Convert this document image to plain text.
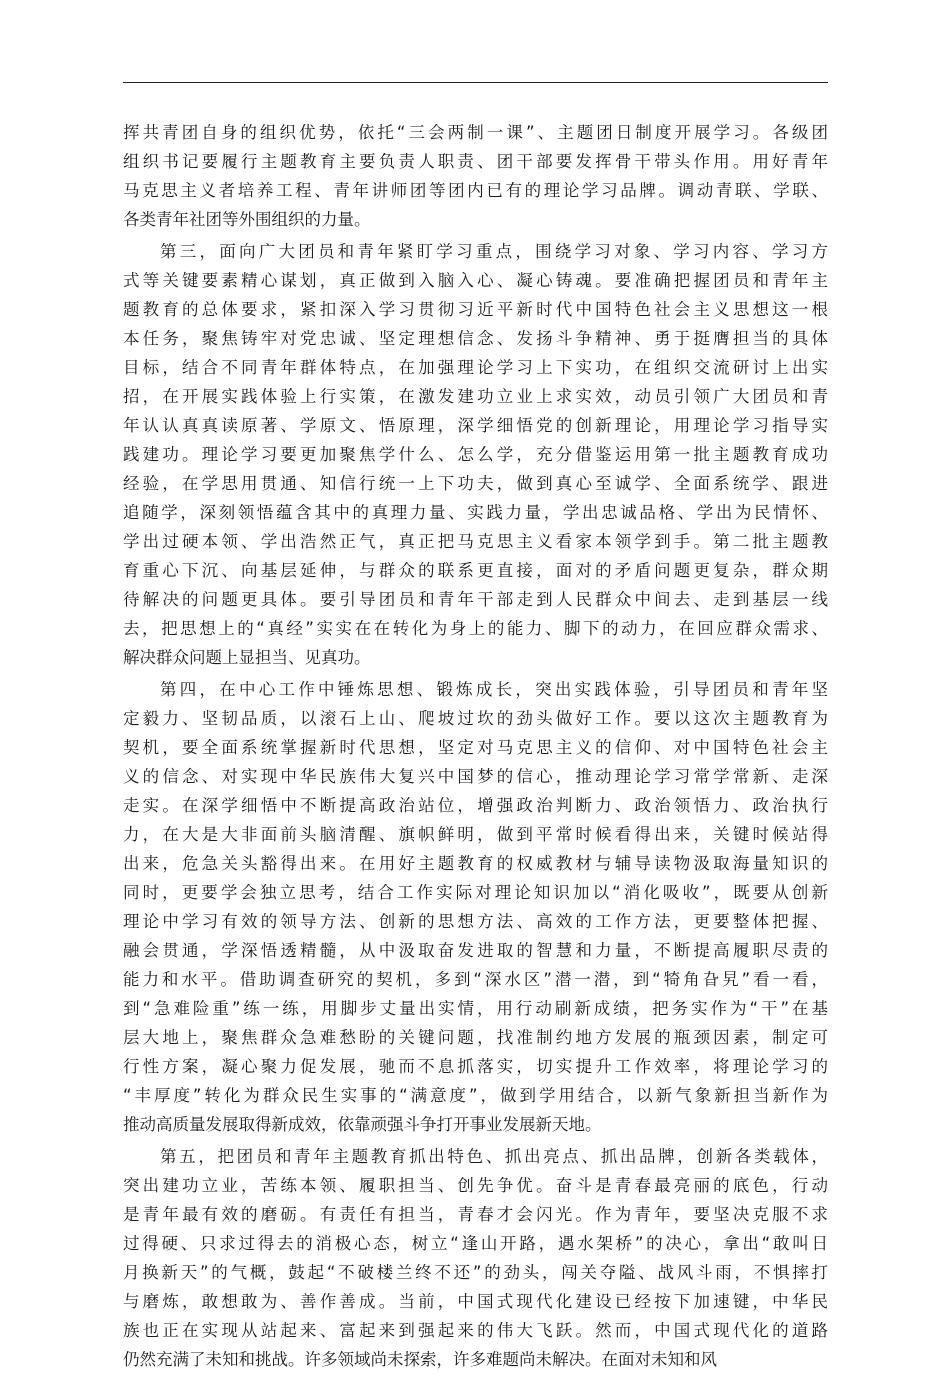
挥共青团自身的组织优势，依托“三会两制一课”、主题团日制度开展学习。各级团
组织书记要履行主题教育主要负责人职责、团干部要发挥骨干带头作用。用好青年
马克思主义者培养工程、青年讲师团等团内已有的理论学习品牌。调动青联、学联、
各类青年社团等外围组织的力量。
第三，面向广大团员和青年紧盯学习重点，围绕学习对象、学习内容、学习方
式等关键要素精心谋划，真正做到入脑入心、凝心铸魂。要准确把握团员和青年主
题教育的总体要求，紧扣深入学习贯彻习近平新时代中国特色社会主义思想这一根
本任务，聚焦铸牢对党忠诚、坚定理想信念、发扬斗争精神、勇于挺膺担当的具体
目标，结合不同青年群体特点，在加强理论学习上下实功，在组织交流研讨上出实
招，在开展实践体验上行实策，在激发建功立业上求实效，动员引领广大团员和青
年认认真真读原著、学原文、悟原理，深学细悟党的创新理论，用理论学习指导实
践建功。理论学习要更加聚焦学什么、怎么学，充分借鉴运用第一批主题教育成功
经验，在学思用贯通、知信行统一上下功夫，做到真心至诚学、全面系统学、跟进
追随学，深刻领悟蕴含其中的真理力量、实践力量，学出忠诚品格、学出为民情怀、
学出过硬本领、学出浩然正气，真正把马克思主义看家本领学到手。第二批主题教
育重心下沉、向基层延伸，与群众的联系更直接，面对的矛盾问题更复杂，群众期
待解决的问题更具体。要引导团员和青年干部走到人民群众中间去、走到基层一线
去，把思想上的“真经”实实在在转化为身上的能力、脚下的动力，在回应群众需求、
解决群众问题上显担当、见真功。
第四，在中心工作中锤炼思想、锻炼成长，突出实践体验，引导团员和青年坚
定毅力、坚韧品质，以滚石上山、爬坡过坎的劲头做好工作。要以这次主题教育为
契机，要全面系统掌握新时代思想，坚定对马克思主义的信仰、对中国特色社会主
义的信念、对实现中华民族伟大复兴中国梦的信心，推动理论学习常学常新、走深
走实。在深学细悟中不断提高政治站位，增强政治判断力、政治领悟力、政治执行
力，在大是大非面前头脑清醒、旗帜鲜明，做到平常时候看得出来，关键时候站得
出来，危急关头豁得出来。在用好主题教育的权威教材与辅导读物汲取海量知识的
同时，更要学会独立思考，结合工作实际对理论知识加以“消化吸收”，既要从创新
理论中学习有效的领导方法、创新的思想方法、高效的工作方法，更要整体把握、
融会贯通，学深悟透精髓，从中汲取奋发进取的智慧和力量，不断提高履职尽责的
能力和水平。借助调查研究的契机，多到“深水区”潜一潜，到“犄角旮旯”看一看，
到“急难险重”练一练，用脚步丈量出实情，用行动刷新成绩，把务实作为“干”在基
层大地上，聚焦群众急难愁盼的关键问题，找准制约地方发展的瓶颈因素，制定可
行性方案，凝心聚力促发展，驰而不息抓落实，切实提升工作效率，将理论学习的
“丰厚度”转化为群众民生实事的“满意度”，做到学用结合，以新气象新担当新作为
推动高质量发展取得新成效，依靠顽强斗争打开事业发展新天地。
第五，把团员和青年主题教育抓出特色、抓出亮点、抓出品牌，创新各类载体，
突出建功立业，苦练本领、履职担当、创先争优。奋斗是青春最亮丽的底色，行动
是青年最有效的磨砺。有责任有担当，青春才会闪光。作为青年，要坚决克服不求
过得硬、只求过得去的消极心态，树立“逢山开路，遇水架桥”的决心，拿出“敢叫日
月换新天”的气概，鼓起“不破楼兰终不还”的劲头，闯关夺隘、战风斗雨，不惧摔打
与磨炼，敢想敢为、善作善成。当前，中国式现代化建设已经按下加速键，中华民
族也正在实现从站起来、富起来到强起来的伟大飞跃。然而，中国式现代化的道路
仍然充满了未知和挑战。许多领域尚未探索，许多难题尚未解决。在面对未知和风
